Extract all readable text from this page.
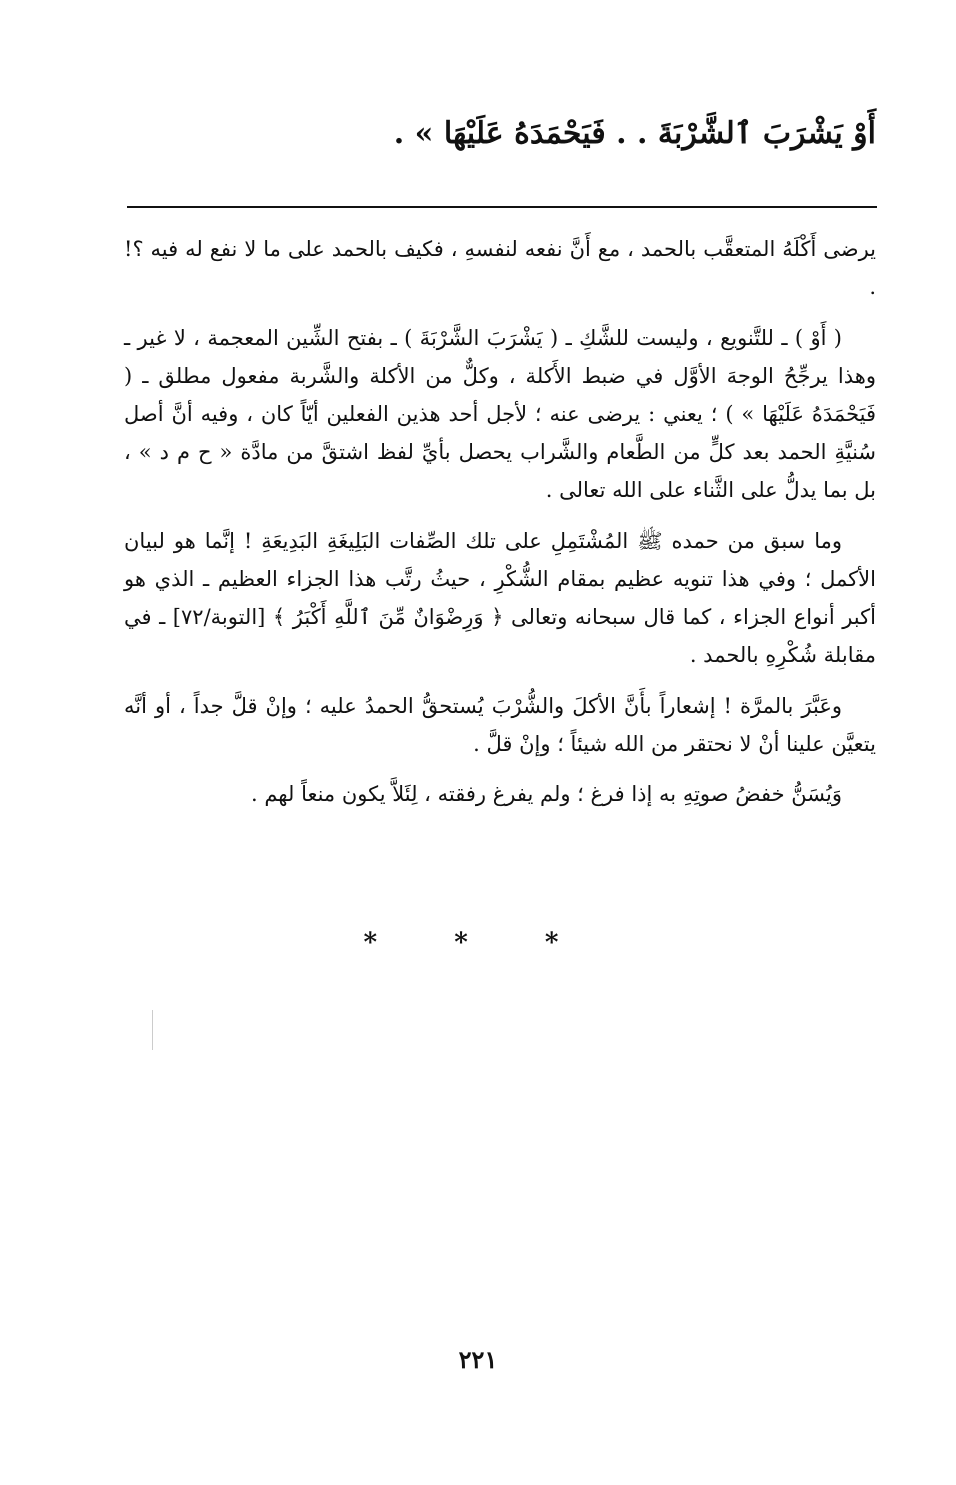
أَوْ يَشْرَبَ ٱلشَّرْبَةَ . . فَيَحْمَدَهُ عَلَيْهَا » .

يرضى أَكْلَهُ المتعقَّب بالحمد ، مع أَنَّ نفعه لنفسهِ ، فكيف بالحمد على ما لا نفع له فيه ؟! .

( أَوْ ) ـ للتَّنويع ، وليست للشَّكِ ـ ( يَشْرَبَ الشَّرْبَةَ ) ـ بفتح الشِّين المعجمة ، لا غير ـ وهذا يرجِّحُ الوجهَ الأوَّل في ضبط الأَكلة ، وكلٌّ من الأكلة والشَّربة مفعول مطلق ـ ( فَيَحْمَدَهُ عَلَيْهَا » ) ؛ يعني : يرضى عنه ؛ لأجل أحد هذين الفعلين أيّاً كان ، وفيه أنَّ أصل سُنيَّةِ الحمد بعد كلٍّ من الطَّعام والشَّراب يحصل بأيِّ لفظ اشتقَّ من مادَّة « ح م د » ، بل بما يدلُّ على الثَّناء على الله تعالى .

وما سبق من حمده ﷺ المُشْتَمِلِ على تلك الصِّفات البَلِيغَةِ البَدِيعَةِ ! إنَّما هو لبيان الأكمل ؛ وفي هذا تنويه عظيم بمقام الشُّكْرِ ، حيثُ رتَّب هذا الجزاء العظيم ـ الذي هو أكبر أنواع الجزاء ، كما قال سبحانه وتعالى ﴿ وَرِضْوَانٌ مِّنَ ٱللَّهِ أَكْبَرُ ﴾ [التوبة/٧٢] ـ في مقابلة شُكْرِهِ بالحمد .

وعَبَّرَ بالمرَّة ! إشعاراً بأَنَّ الأكلَ والشُّرْبَ يُستحقُّ الحمدُ عليه ؛ وإنْ قلَّ جداً ، أو أنَّه يتعيَّن علينا أنْ لا نحتقر من الله شيئاً ؛ وإنْ قلَّ .

وَيُسَنُّ خفضُ صوتِهِ به إذا فرغ ؛ ولم يفرغ رفقته ، لِئَلاَّ يكون منعاً لهم .

* * *
٢٢١
